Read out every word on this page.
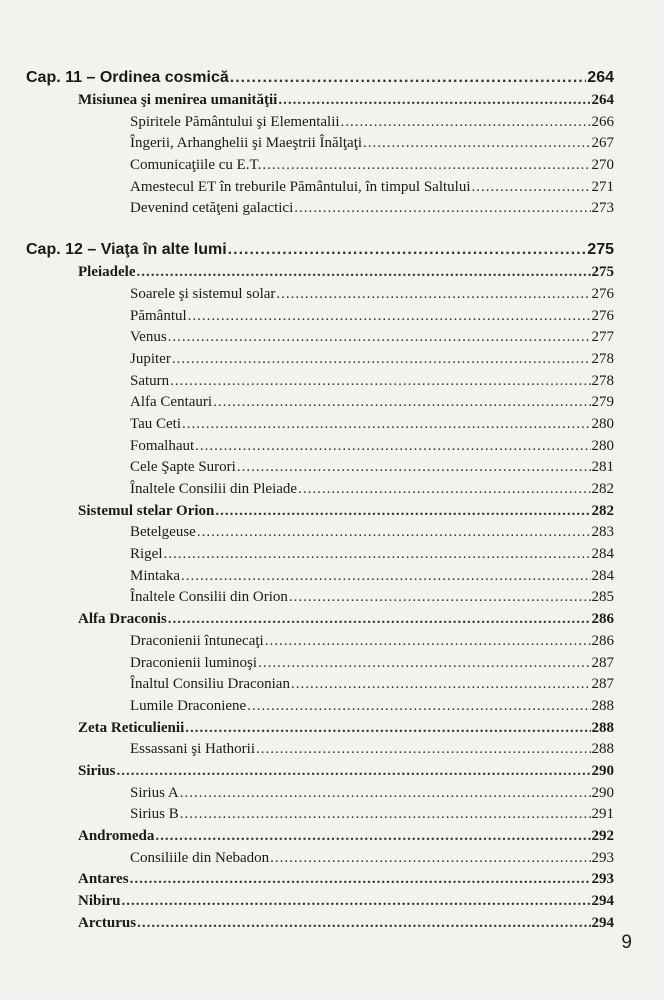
Cap. 11 – Ordinea cosmică .....	264
Misiunea şi menirea umanităţii .....	264
Spiritele Pământului şi Elementalii .....	266
Îngerii, Arhanghelii şi Maeştrii Înălţaţi .....	267
Comunicaţiile cu E.T. .....	270
Amestecul ET în treburile Pământului, în timpul Saltului .....	271
Devenind cetăţeni galactici .....	273
Cap. 12 – Viaţa în alte lumi .....	275
Pleiadele .....	275
Soarele şi sistemul solar .....	276
Pământul .....	276
Venus .....	277
Jupiter .....	278
Saturn .....	278
Alfa Centauri .....	279
Tau Ceti .....	280
Fomalhaut .....	280
Cele Şapte Surori .....	281
Înaltele Consilii din Pleiade .....	282
Sistemul stelar Orion .....	282
Betelgeuse .....	283
Rigel .....	284
Mintaka .....	284
Înaltele Consilii din Orion .....	285
Alfa Draconis .....	286
Draconienii întunecaţi .....	286
Draconienii luminoşi .....	287
Înaltul Consiliu Draconian .....	287
Lumile Draconiene .....	288
Zeta Reticulienii .....	288
Essassani şi Hathorii .....	288
Sirius .....	290
Sirius A .....	290
Sirius B .....	291
Andromeda .....	292
Consiliile din Nebadon .....	293
Antares .....	293
Nibiru .....	294
Arcturus .....	294
9
